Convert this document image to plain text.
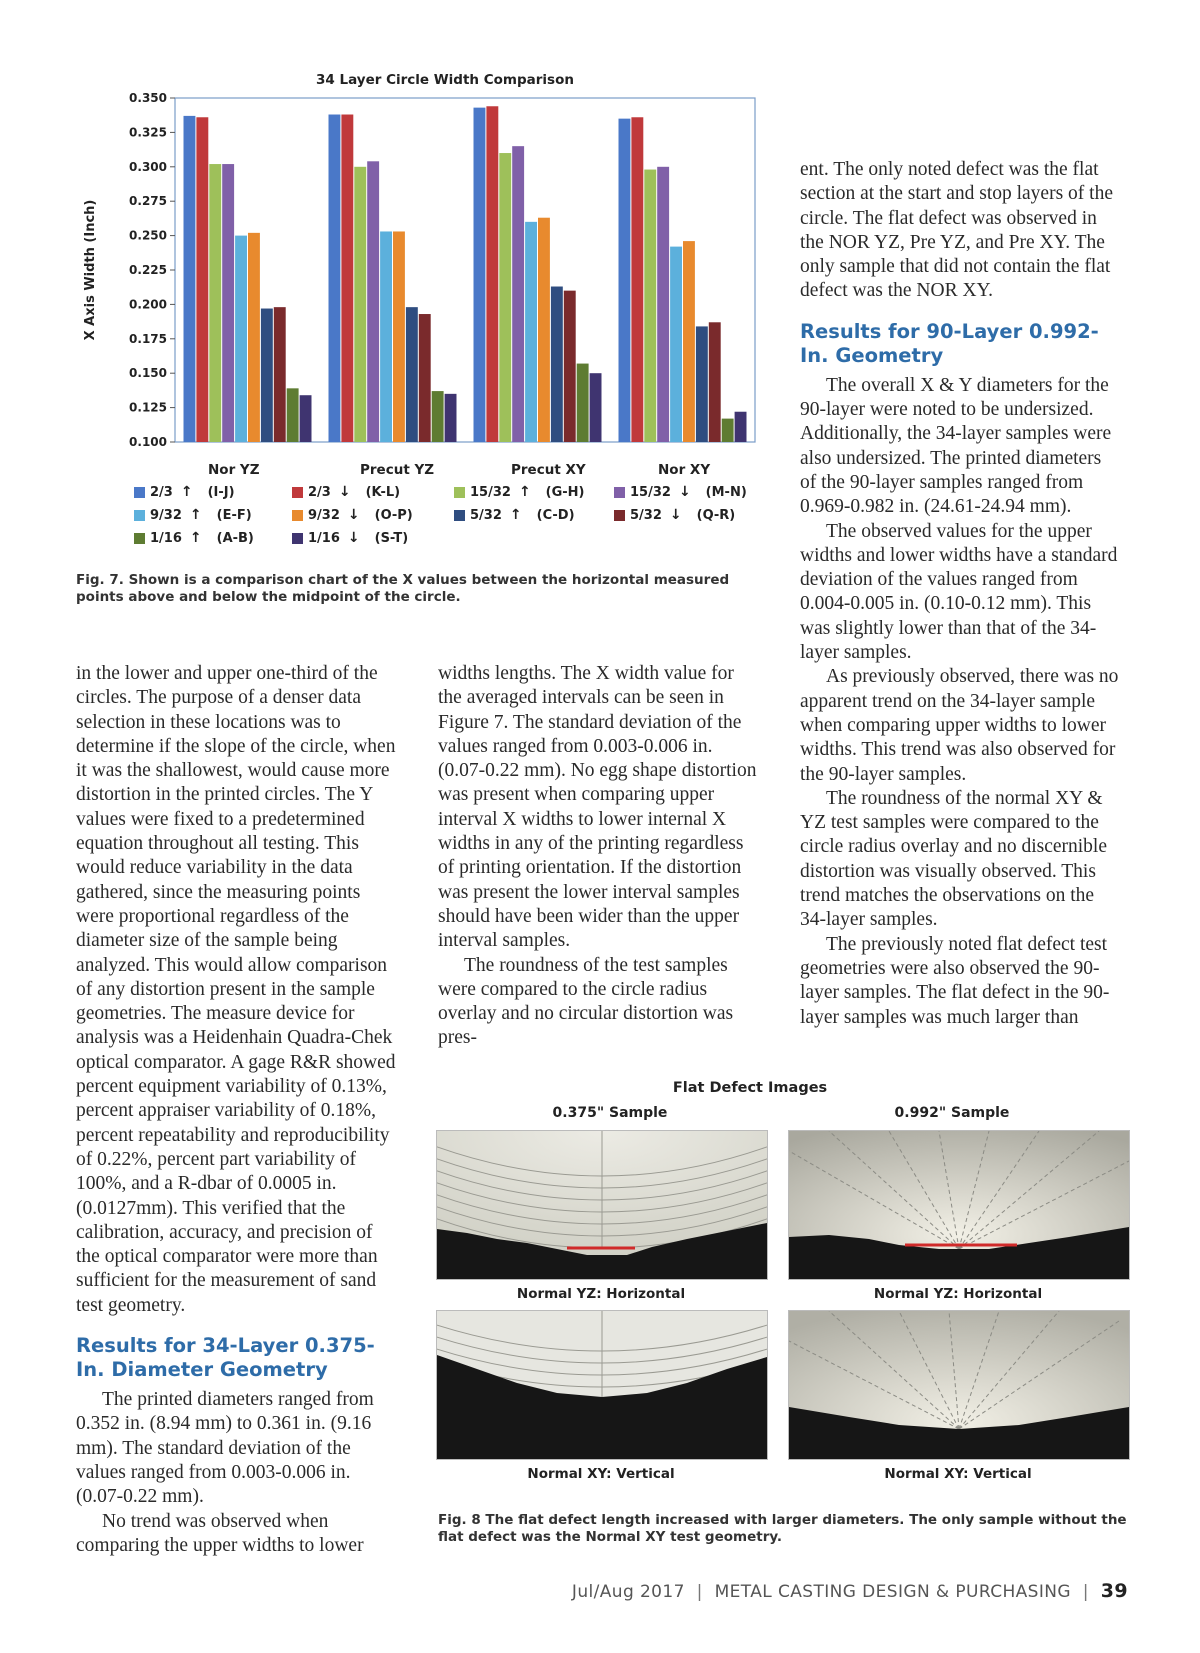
34 Layer Circle Width Comparison
X Axis Width (Inch)
0.100
0.125
0.150
0.175
0.200
0.225
0.250
0.275
0.300
0.325
0.350
Nor YZ	Precut YZ	Precut XY	Nor XY
2/3 ↑ (I-J)
9/32 ↑ (E-F)
1/16 ↑ (A-B)
2/3 ↓ (K-L)
9/32 ↓ (O-P)
1/16 ↓ (S-T)
15/32 ↑ (G-H)
5/32 ↑ (C-D)
15/32 ↓ (M-N)
5/32 ↓ (Q-R)
Fig. 7. Shown is a comparison chart of the X values between the horizontal measured points above and below the midpoint of the circle.

in the lower and upper one-third of the circles. The purpose of a denser data selection in these locations was to determine if the slope of the circle, when it was the shallowest, would cause more distortion in the printed circles. The Y values were fixed to a predetermined equation throughout all testing. This would reduce variability in the data gathered, since the measuring points were proportional regardless of the diameter size of the sample being analyzed. This would allow comparison of any distortion present in the sample geometries. The measure device for analysis was a Heidenhain Quadra-Chek optical comparator. A gage R&R showed percent equipment variability of 0.13%, percent appraiser variability of 0.18%, percent repeatability and reproducibility of 0.22%, percent part variability of 100%, and a R-dbar of 0.0005 in. (0.0127mm). This verified that the calibration, accuracy, and precision of the optical comparator were more than sufficient for the measurement of sand test geometry.

Results for 34-Layer 0.375-In. Diameter Geometry

The printed diameters ranged from 0.352 in. (8.94 mm) to 0.361 in. (9.16 mm). The standard deviation of the values ranged from 0.003-0.006 in. (0.07-0.22 mm).

No trend was observed when comparing the upper widths to lower

widths lengths. The X width value for the averaged intervals can be seen in Figure 7. The standard deviation of the values ranged from 0.003-0.006 in. (0.07-0.22 mm). No egg shape distortion was present when comparing upper interval X widths to lower internal X widths in any of the printing regardless of printing orientation. If the distortion was present the lower interval samples should have been wider than the upper interval samples.

The roundness of the test samples were compared to the circle radius overlay and no circular distortion was pres-

ent. The only noted defect was the flat section at the start and stop layers of the circle. The flat defect was observed in the NOR YZ, Pre YZ, and Pre XY. The only sample that did not contain the flat defect was the NOR XY.

Results for 90-Layer 0.992-In. Geometry

The overall X & Y diameters for the 90-layer were noted to be undersized. Additionally, the 34-layer samples were also undersized. The printed diameters of the 90-layer samples ranged from 0.969-0.982 in. (24.61-24.94 mm).

The observed values for the upper widths and lower widths have a standard deviation of the values ranged from 0.004-0.005 in. (0.10-0.12 mm). This was slightly lower than that of the 34-layer samples.

As previously observed, there was no apparent trend on the 34-layer sample when comparing upper widths to lower widths. This trend was also observed for the 90-layer samples.

The roundness of the normal XY & YZ test samples were compared to the circle radius overlay and no discernible distortion was visually observed. This trend matches the observations on the 34-layer samples.

The previously noted flat defect test geometries were also observed the 90-layer samples. The flat defect in the 90-layer samples was much larger than

Flat Defect Images
0.375" Sample	0.992" Sample
Normal YZ: Horizontal	Normal YZ: Horizontal
Normal XY: Vertical	Normal XY: Vertical
Fig. 8 The flat defect length increased with larger diameters. The only sample without the flat defect was the Normal XY test geometry.
Jul/Aug 2017 | METAL CASTING DESIGN & PURCHASING | 39
